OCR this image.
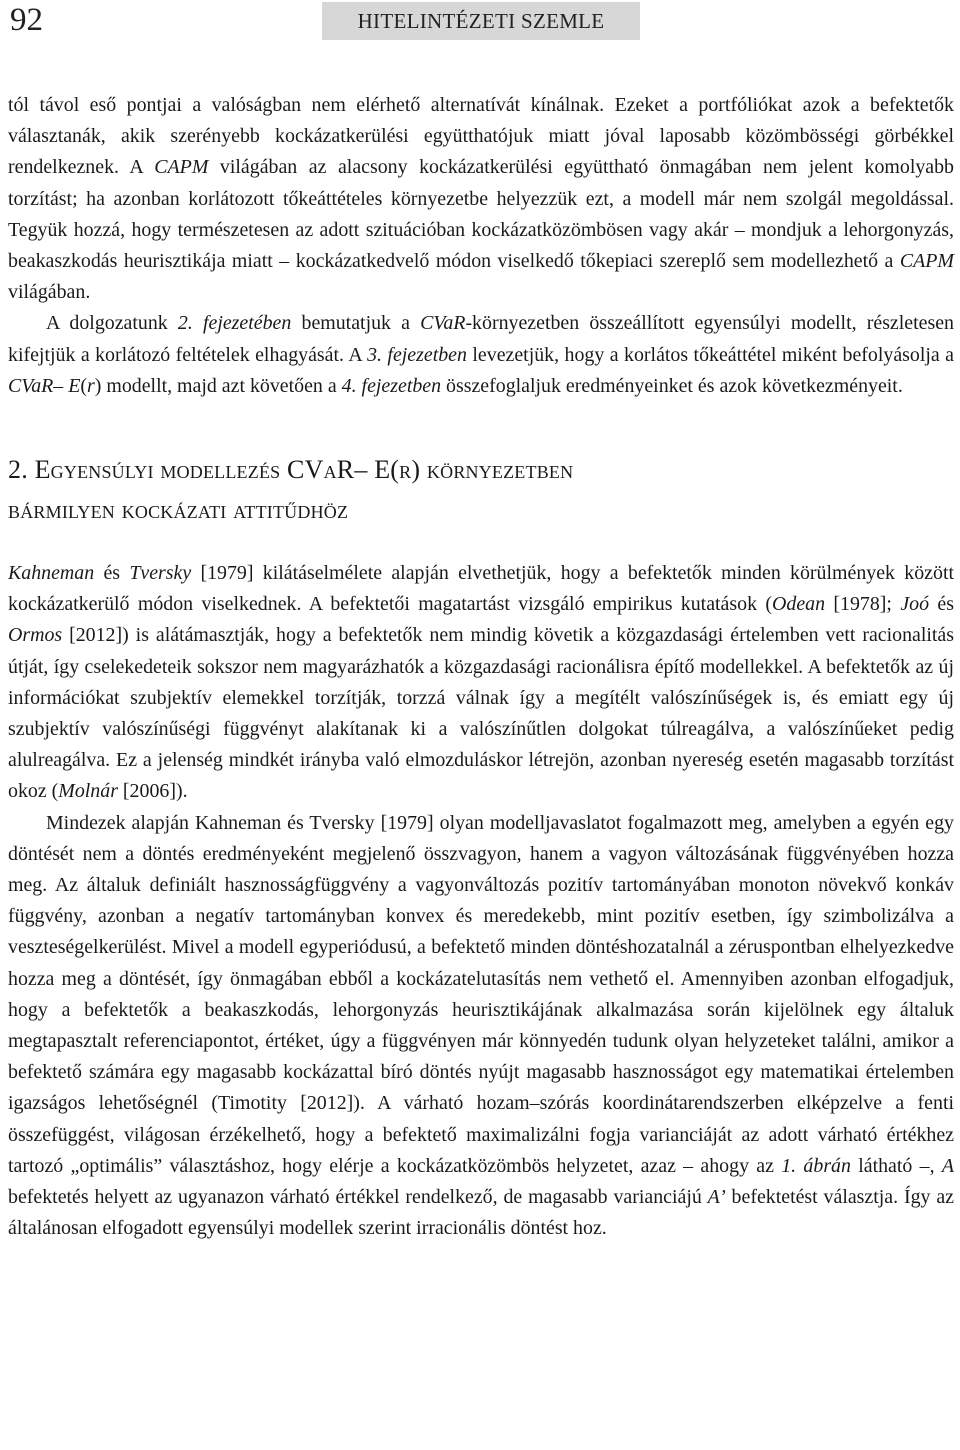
92	HITELINTÉZETI SZEMLE

tól távol eső pontjai a valóságban nem elérhető alternatívát kínálnak. Ezeket a portfóliókat azok a befektetők választanák, akik szerényebb kockázatkerülési együtthatójuk miatt jóval laposabb közömbösségi görbékkel rendelkeznek. A CAPM világában az alacsony kockázatkerülési együttható önmagában nem jelent komolyabb torzítást; ha azonban korlátozott tőkeáttételes környezetbe helyezzük ezt, a modell már nem szolgál megoldással. Tegyük hozzá, hogy természetesen az adott szituációban kockázatközömbösen vagy akár – mondjuk a lehorgonyzás, beakaszkodás heurisztikája miatt – kockázatkedvelő módon viselkedő tőkepiaci szereplő sem modellezhető a CAPM világában.

A dolgozatunk 2. fejezetében bemutatjuk a CVaR-környezetben összeállított egyensúlyi modellt, részletesen kifejtjük a korlátozó feltételek elhagyását. A 3. fejezetben levezetjük, hogy a korlátos tőkeáttétel miként befolyásolja a CVaR– E(r) modellt, majd azt követően a 4. fejezetben összefoglaljuk eredményeinket és azok következményeit.

2. Egyensúlyi modellezés CVaR– E(r) környezetben
bármilyen kockázati attitűdhöz

Kahneman és Tversky [1979] kilátáselmélete alapján elvethetjük, hogy a befektetők minden körülmények között kockázatkerülő módon viselkednek. A befektetői magatartást vizsgáló empirikus kutatások (Odean [1978]; Joó és Ormos [2012]) is alátámasztják, hogy a befektetők nem mindig követik a közgazdasági értelemben vett racionalitás útját, így cselekedeteik sokszor nem magyarázhatók a közgazdasági racionálisra építő modellekkel. A befektetők az új információkat szubjektív elemekkel torzítják, torzzá válnak így a megítélt valószínűségek is, és emiatt egy új szubjektív valószínűségi függvényt alakítanak ki a valószínűtlen dolgokat túlreagálva, a valószínűeket pedig alulreagálva. Ez a jelenség mindkét irányba való elmozduláskor létrejön, azonban nyereség esetén magasabb torzítást okoz (Molnár [2006]).

Mindezek alapján Kahneman és Tversky [1979] olyan modelljavaslatot fogalmazott meg, amelyben a egyén egy döntését nem a döntés eredményeként megjelenő összvagyon, hanem a vagyon változásának függvényében hozza meg. Az általuk definiált hasznosságfüggvény a vagyonváltozás pozitív tartományában monoton növekvő konkáv függvény, azonban a negatív tartományban konvex és meredekebb, mint pozitív esetben, így szimbolizálva a veszteségelkerülést. Mivel a modell egyperiódusú, a befektető minden döntéshozatalnál a zéruspontban elhelyezkedve hozza meg a döntését, így önmagában ebből a kockázatelutasítás nem vethető el. Amennyiben azonban elfogadjuk, hogy a befektetők a beakaszkodás, lehorgonyzás heurisztikájának alkalmazása során kijelölnek egy általuk megtapasztalt referenciapontot, értéket, úgy a függvényen már könnyedén tudunk olyan helyzeteket találni, amikor a befektető számára egy magasabb kockázattal bíró döntés nyújt magasabb hasznosságot egy matematikai értelemben igazságos lehetőségnél (Timotity [2012]). A várható hozam–szórás koordinátarendszerben elképzelve a fenti összefüggést, világosan érzékelhető, hogy a befektető maximalizálni fogja varianciáját az adott várható értékhez tartozó „optimális” választáshoz, hogy elérje a kockázatközömbös helyzetet, azaz – ahogy az 1. ábrán látható –, A befektetés helyett az ugyanazon várható értékkel rendelkező, de magasabb varianciájú A’ befektetést választja. Így az általánosan elfogadott egyensúlyi modellek szerint irracionális döntést hoz.
